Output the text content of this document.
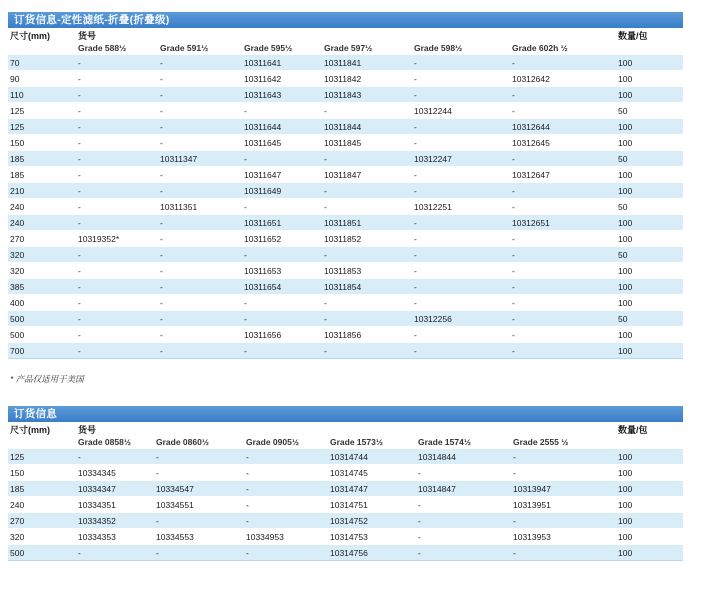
订货信息-定性滤纸-折叠(折叠级)
尺寸(mm)	货号	数量/包
Grade 588½	Grade 591½	Grade 595½	Grade 597½	Grade 598½	Grade 602h ½
70	-	-	10311641	10311841	-	-	100
90	-	-	10311642	10311842	-	10312642	100
110	-	-	10311643	10311843	-	-	100
125	-	-	-	-	10312244	-	50
125	-	-	10311644	10311844	-	10312644	100
150	-	-	10311645	10311845	-	10312645	100
185	-	10311347	-	-	10312247	-	50
185	-	-	10311647	10311847	-	10312647	100
210	-	-	10311649	-	-	-	100
240	-	10311351	-	-	10312251	-	50
240	-	-	10311651	10311851	-	10312651	100
270	10319352*	-	10311652	10311852	-	-	100
320	-	-	-	-	-	-	50
320	-	-	10311653	10311853	-	-	100
385	-	-	10311654	10311854	-	-	100
400	-	-	-	-	-	-	100
500	-	-	-	-	10312256	-	50
500	-	-	10311656	10311856	-	-	100
700	-	-	-	-	-	-	100
* 产品仅适用于美国
订货信息
尺寸(mm)	货号	数量/包
Grade 0858½	Grade 0860½	Grade 0905½	Grade 1573½	Grade 1574½	Grade 2555 ½
125	-	-	-	10314744	10314844	-	100
150	10334345	-	-	10314745	-	-	100
185	10334347	10334547	-	10314747	10314847	10313947	100
240	10334351	10334551	-	10314751	-	10313951	100
270	10334352	-	-	10314752	-	-	100
320	10334353	10334553	10334953	10314753	-	10313953	100
500	-	-	-	10314756	-	-	100
